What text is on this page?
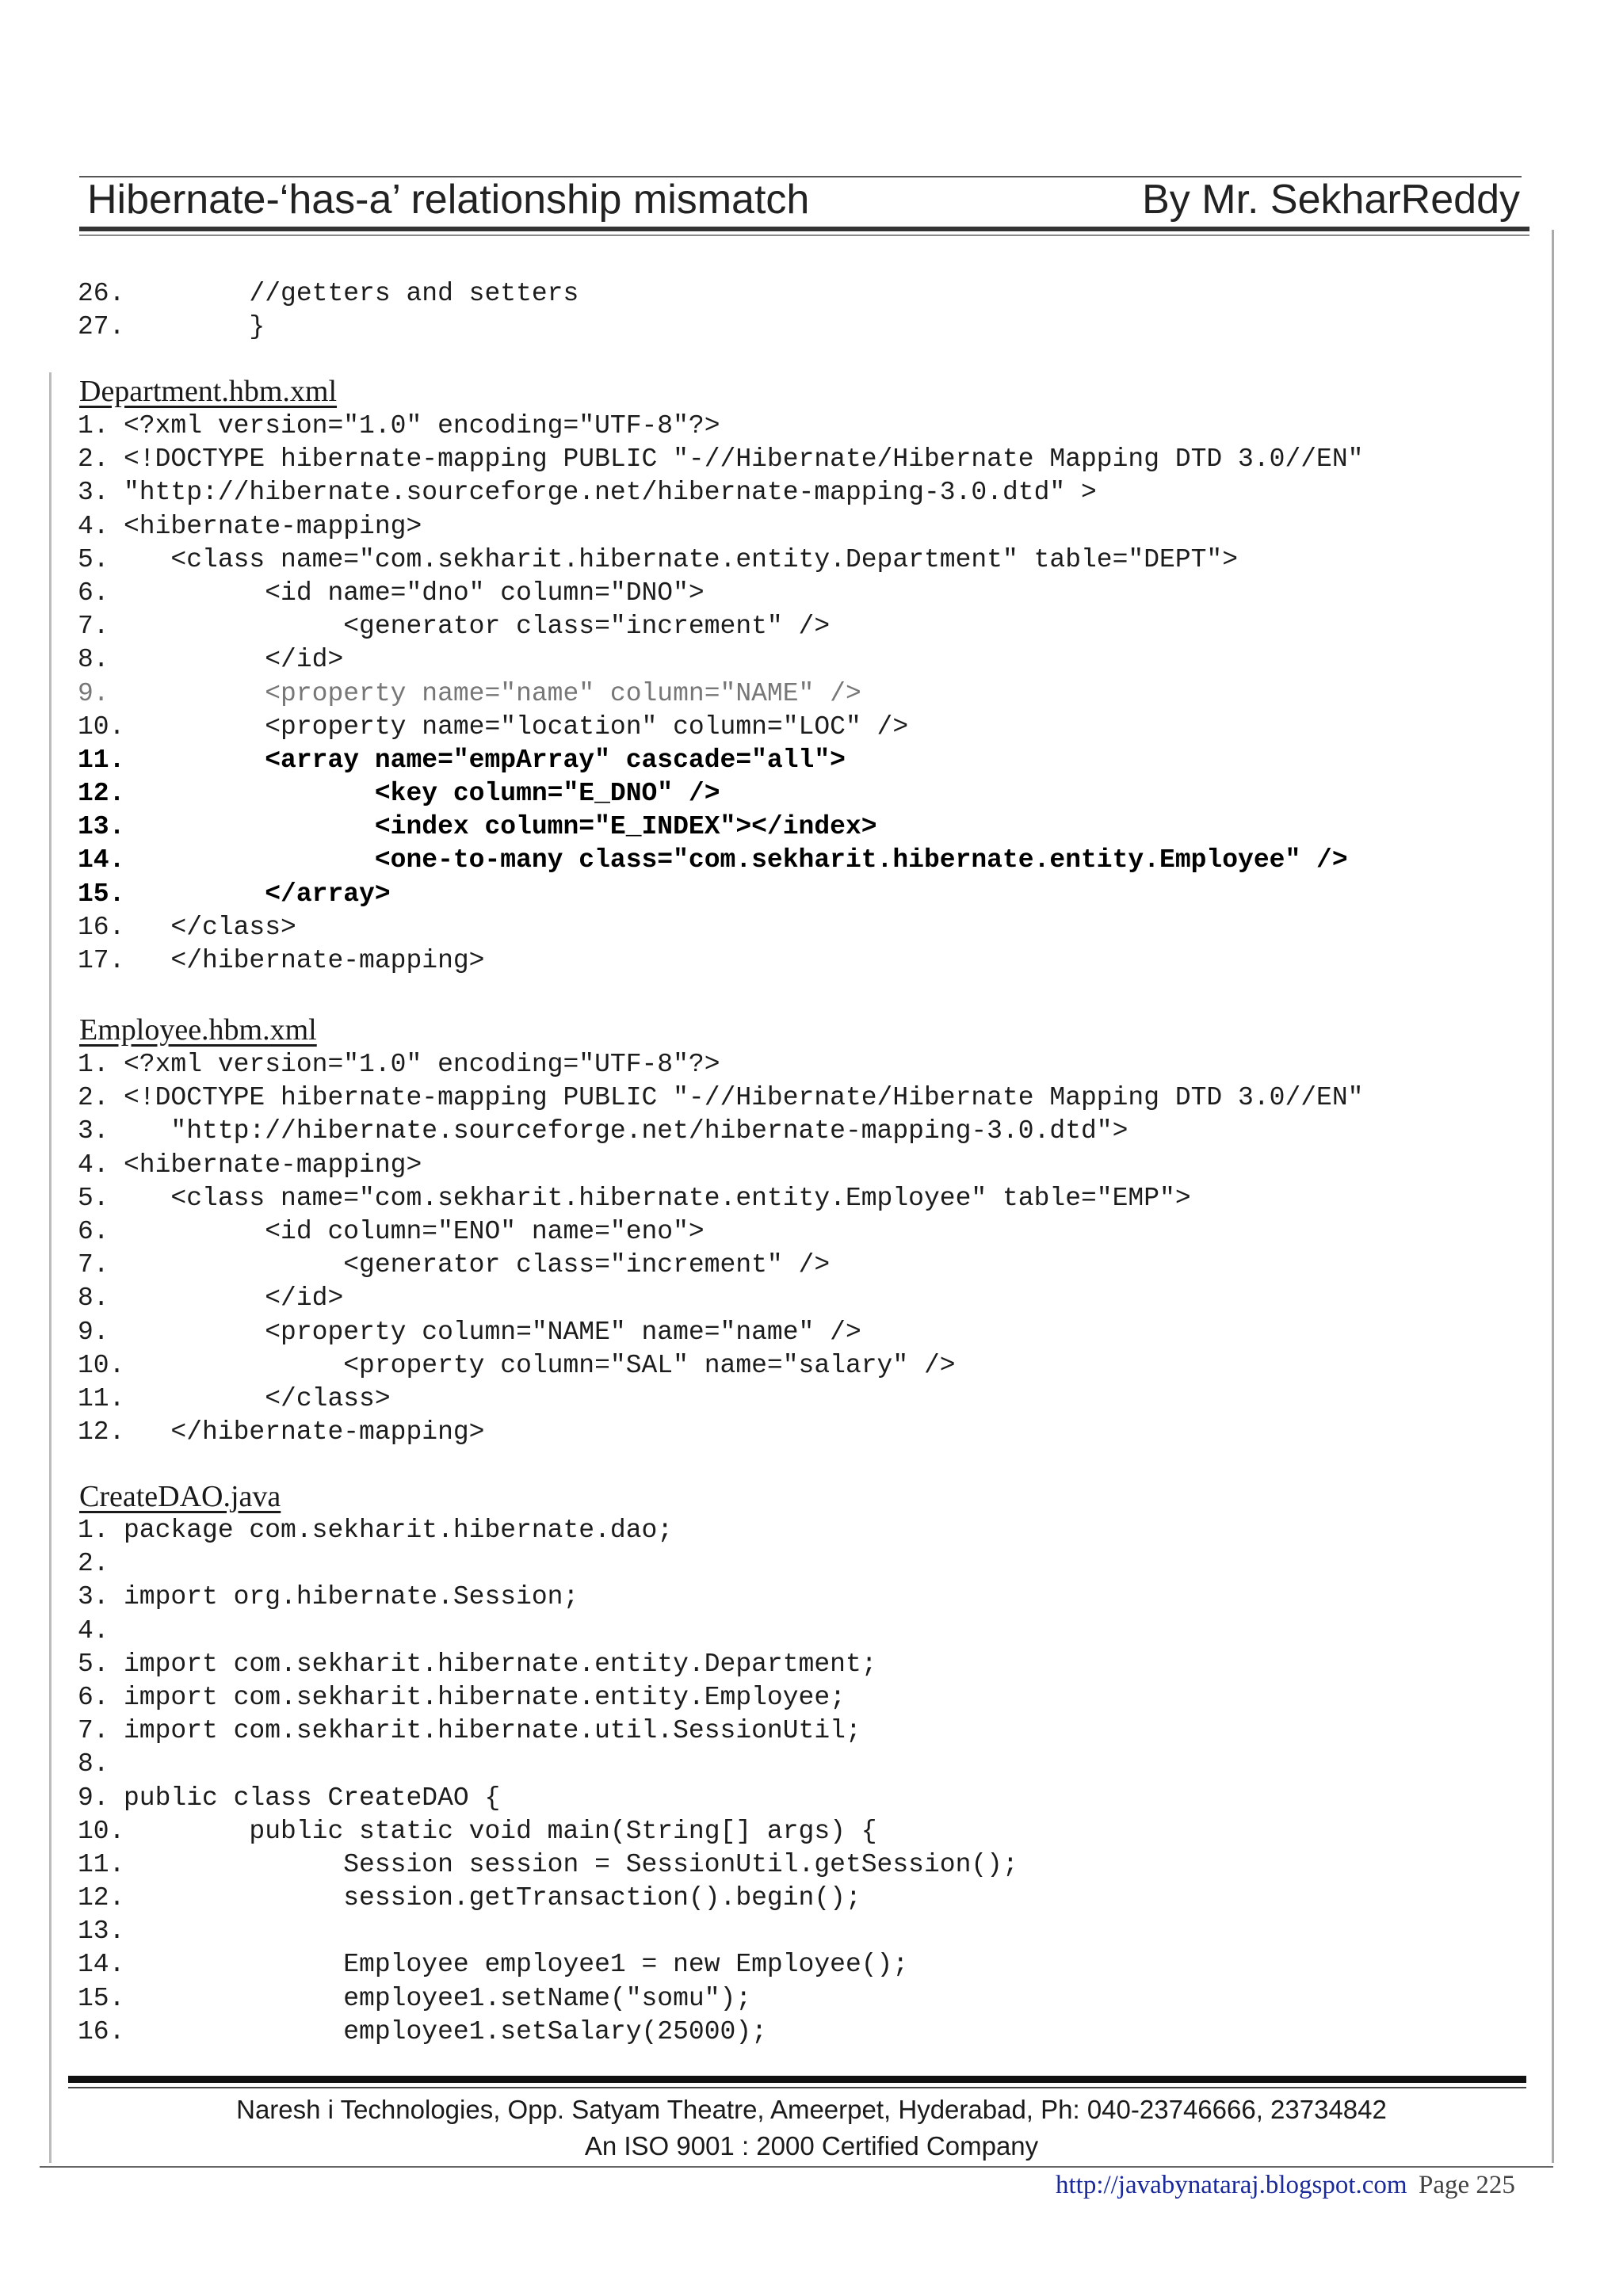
Hibernate-‘has-a’ relationship mismatch	By Mr. SekharReddy
26.        //getters and setters
27.        }
Department.hbm.xml
1. <?xml version="1.0" encoding="UTF-8"?>
2. <!DOCTYPE hibernate-mapping PUBLIC "-//Hibernate/Hibernate Mapping DTD 3.0//EN"
3. "http://hibernate.sourceforge.net/hibernate-mapping-3.0.dtd" >
4. <hibernate-mapping>
5.   <class name="com.sekharit.hibernate.entity.Department" table="DEPT">
6.         <id name="dno" column="DNO">
7.              <generator class="increment" />
8.         </id>
9.         <property name="name" column="NAME" />
10.         <property name="location" column="LOC" />
11.         <array name="empArray" cascade="all">
12.                <key column="E_DNO" />
13.                <index column="E_INDEX"></index>
14.                <one-to-many class="com.sekharit.hibernate.entity.Employee" />
15.         </array>
16.   </class>
17.   </hibernate-mapping>
Employee.hbm.xml
1. <?xml version="1.0" encoding="UTF-8"?>
2. <!DOCTYPE hibernate-mapping PUBLIC "-//Hibernate/Hibernate Mapping DTD 3.0//EN"
3.   "http://hibernate.sourceforge.net/hibernate-mapping-3.0.dtd">
4. <hibernate-mapping>
5.   <class name="com.sekharit.hibernate.entity.Employee" table="EMP">
6.         <id column="ENO" name="eno">
7.              <generator class="increment" />
8.         </id>
9.         <property column="NAME" name="name" />
10.              <property column="SAL" name="salary" />
11.         </class>
12.   </hibernate-mapping>
CreateDAO.java
1. package com.sekharit.hibernate.dao;
2.
3. import org.hibernate.Session;
4.
5. import com.sekharit.hibernate.entity.Department;
6. import com.sekharit.hibernate.entity.Employee;
7. import com.sekharit.hibernate.util.SessionUtil;
8.
9. public class CreateDAO {
10.        public static void main(String[] args) {
11.              Session session = SessionUtil.getSession();
12.              session.getTransaction().begin();
13.
14.              Employee employee1 = new Employee();
15.              employee1.setName("somu");
16.              employee1.setSalary(25000);
Naresh i Technologies, Opp. Satyam Theatre, Ameerpet, Hyderabad, Ph: 040-23746666, 23734842
An ISO 9001 : 2000 Certified Company
http://javabynataraj.blogspot.com Page 225
